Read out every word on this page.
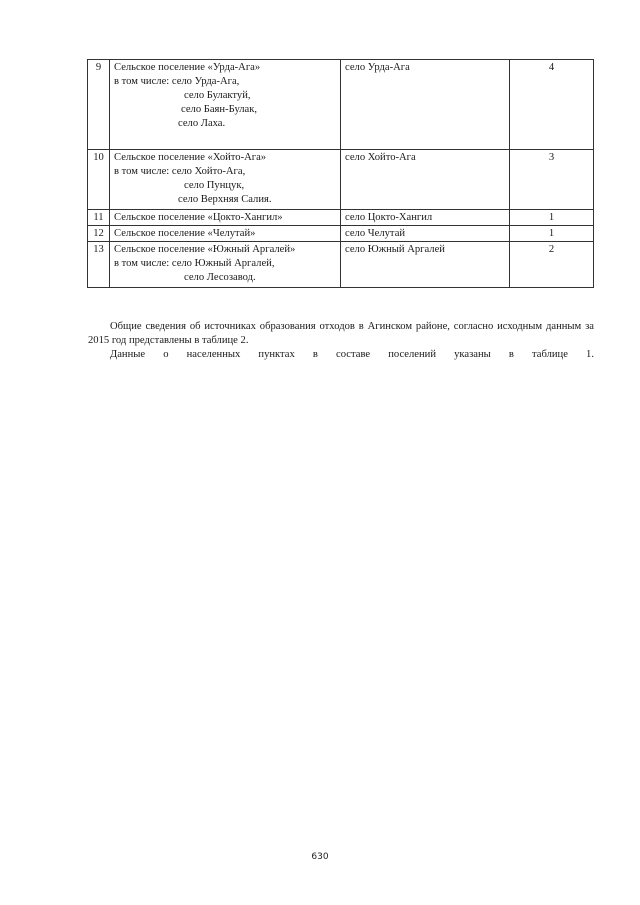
9	Сельское поселение «Урда-Ага»
в том числе: село Урда-Ага,
село Булактуй,
село Баян-Булак,
село Лаха.	село Урда-Ага	4
10	Сельское поселение «Хойто-Ага»
в том числе: село Хойто-Ага,
село Пунцук,
село Верхняя Салия.	село Хойто-Ага	3
11	Сельское поселение «Цокто-Хангил»	село Цокто-Хангил	1
12	Сельское поселение «Челутай»	село Челутай	1
13	Сельское поселение «Южный Аргалей»
в том числе: село Южный Аргалей,
село Лесозавод.	село Южный Аргалей	2

Общие сведения об источниках образования отходов в Агинском районе, согласно исходным данным за 2015 год представлены в таблице 2.

Данные о населенных пунктах в составе поселений указаны в таблице 1.

630
